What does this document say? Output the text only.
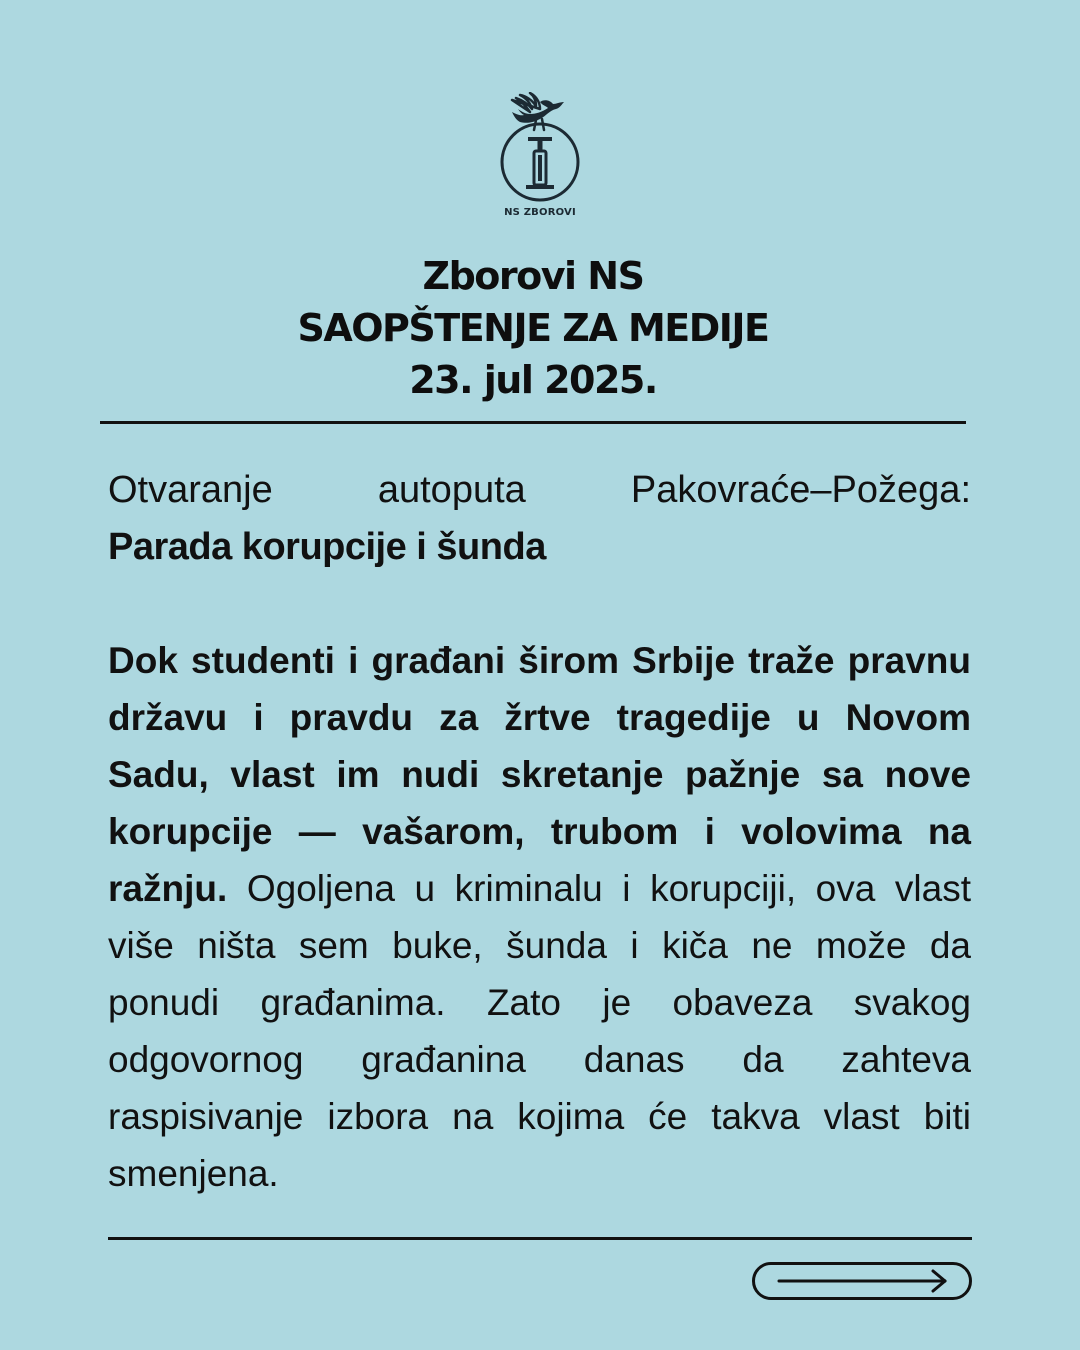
NS ZBOROVI
Zborovi NS
SAOPŠTENJE ZA MEDIJE
23. jul 2025.
Otvaranje	autoputa	Pakovraće–Požega:
Parada korupcije i šunda

Dok studenti i građani širom Srbije traže pravnu državu i pravdu za žrtve tragedije u Novom Sadu, vlast im nudi skretanje pažnje sa nove korupcije — vašarom, trubom i volovima na ražnju. Ogoljena u kriminalu i korupciji, ova vlast više ništa sem buke, šunda i kiča ne može da ponudi građanima. Zato je obaveza svakog odgovornog građanina danas da zahteva raspisivanje izbora na kojima će takva vlast biti smenjena.
